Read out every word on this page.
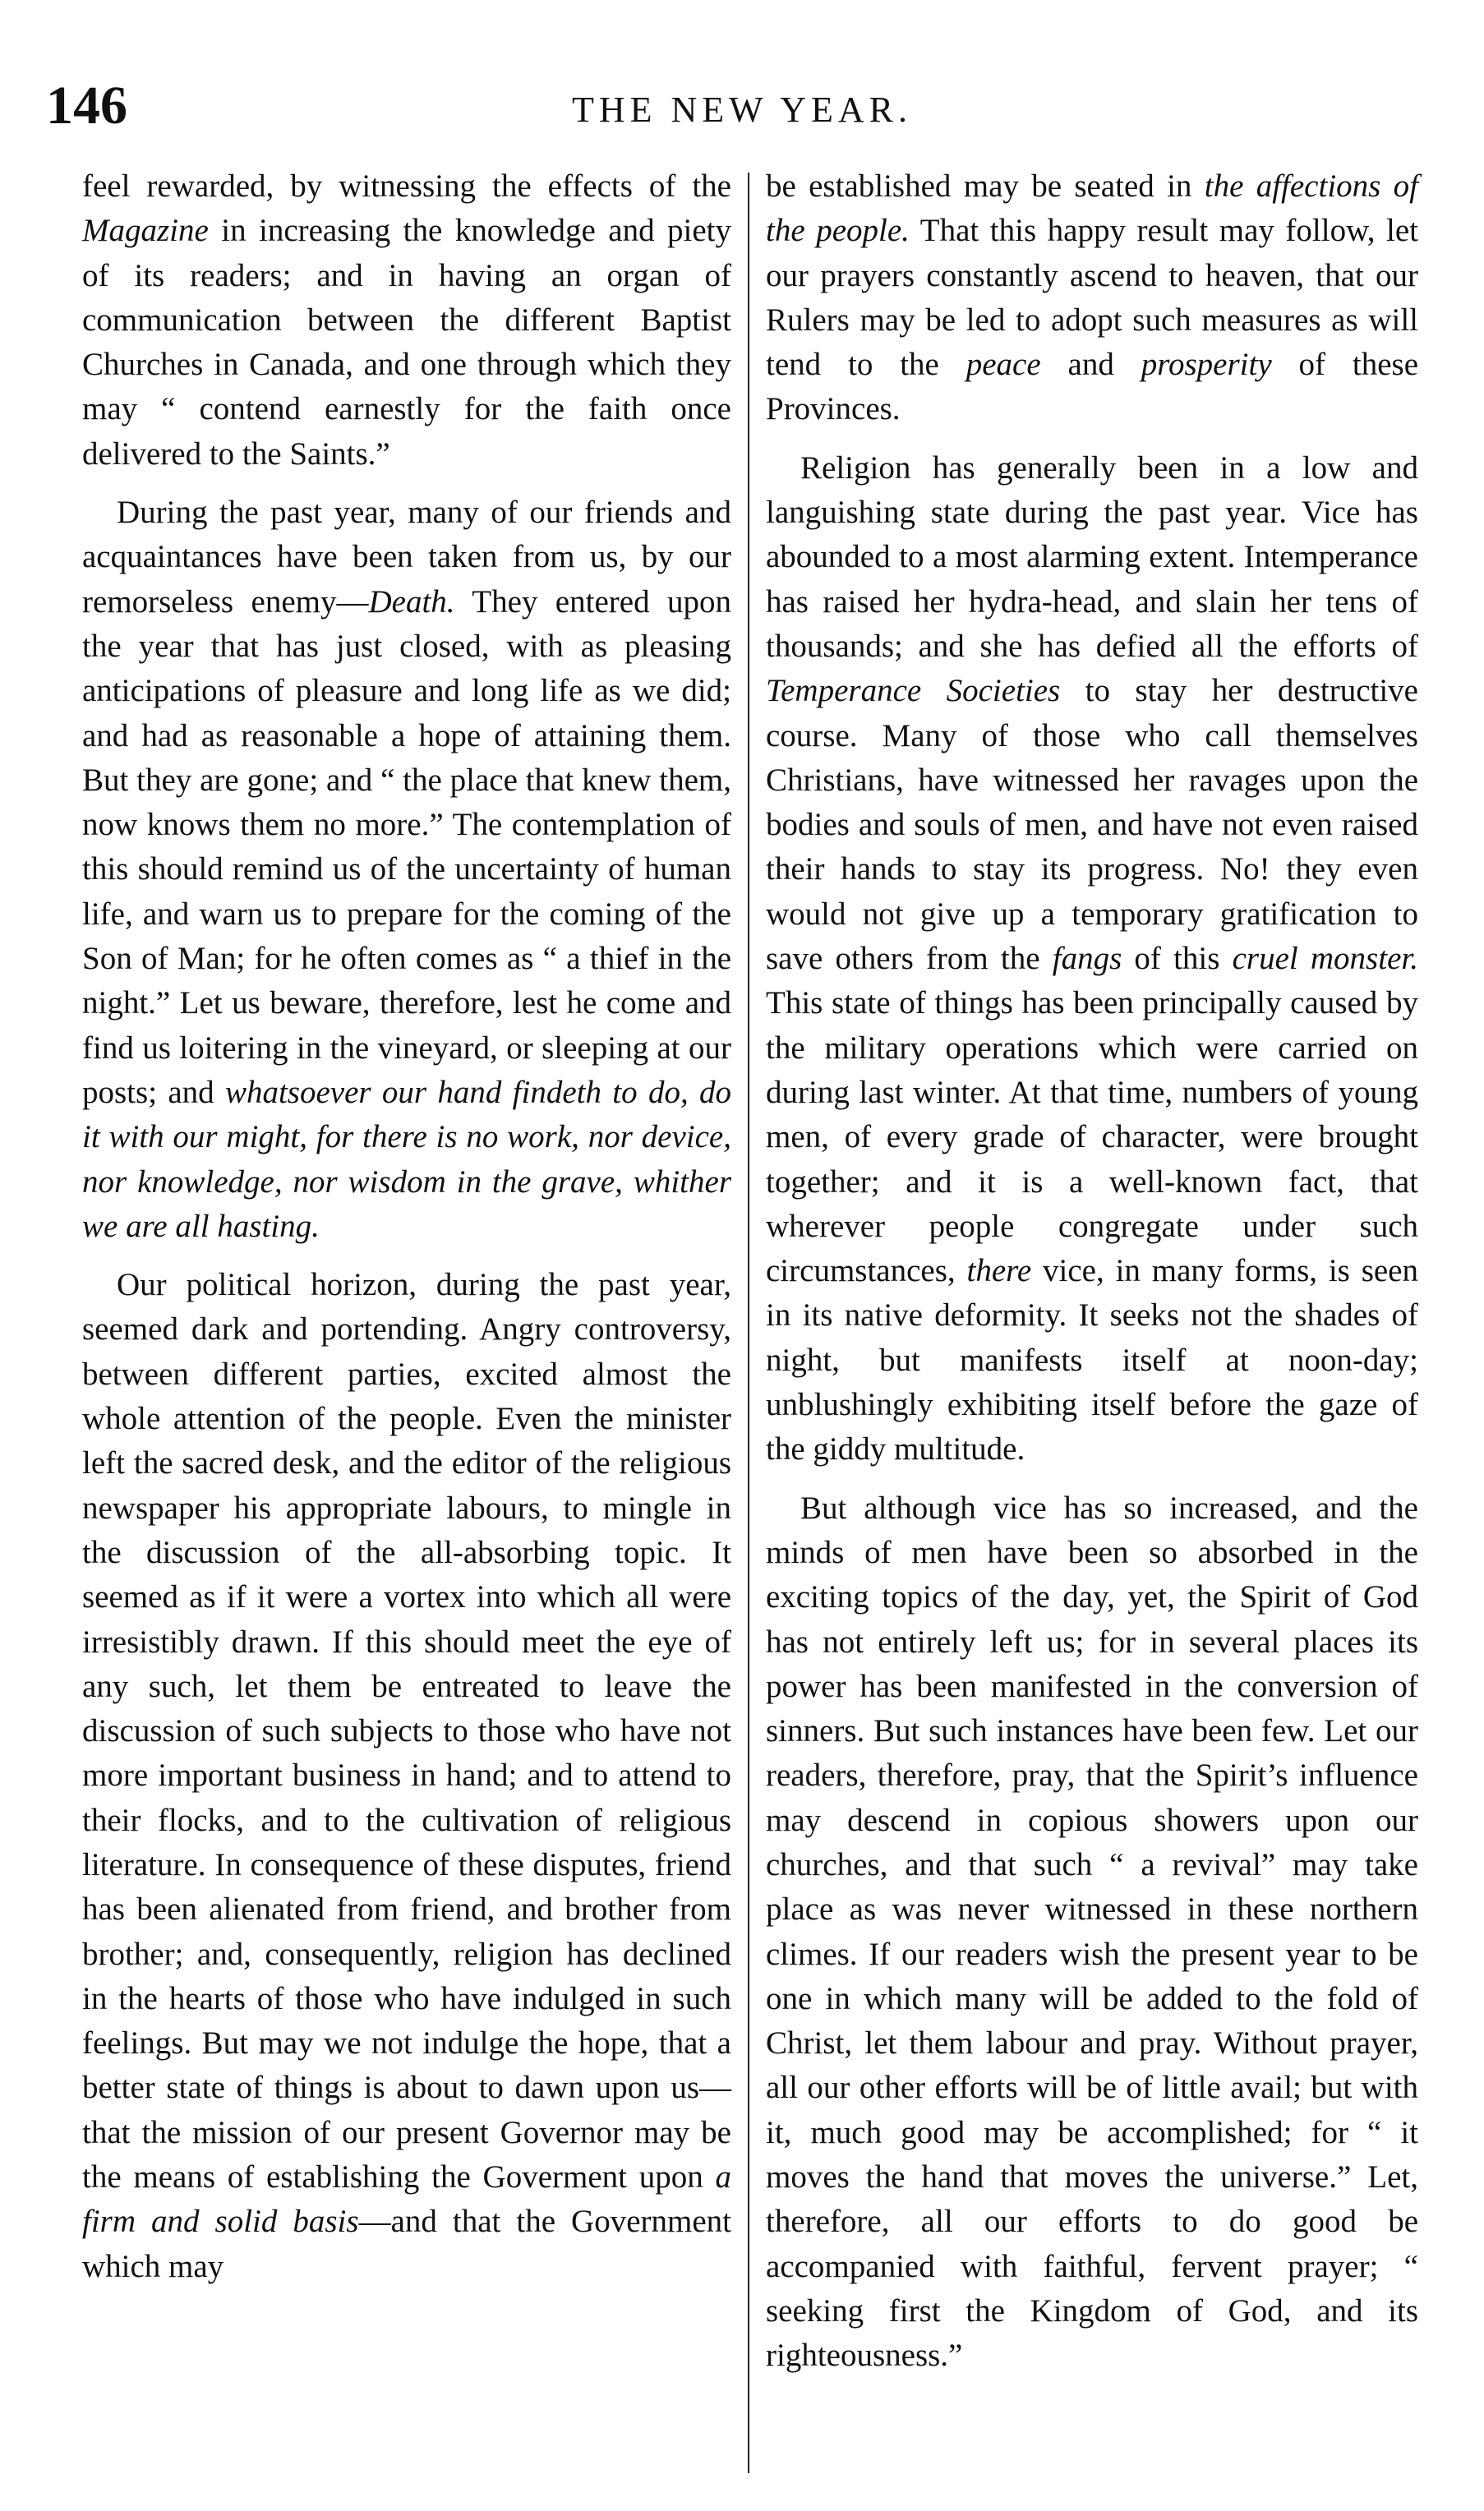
146	THE NEW YEAR.

feel rewarded, by witnessing the effects of the Magazine in increasing the knowledge and piety of its readers; and in having an organ of communication between the different Baptist Churches in Canada, and one through which they may “ contend earnestly for the faith once delivered to the Saints.”

During the past year, many of our friends and acquaintances have been taken from us, by our remorseless enemy—Death. They entered upon the year that has just closed, with as pleasing anticipations of pleasure and long life as we did; and had as reasonable a hope of attaining them. But they are gone; and “ the place that knew them, now knows them no more.” The contemplation of this should remind us of the uncertainty of human life, and warn us to prepare for the coming of the Son of Man; for he often comes as “ a thief in the night.” Let us beware, therefore, lest he come and find us loitering in the vineyard, or sleeping at our posts; and whatsoever our hand findeth to do, do it with our might, for there is no work, nor device, nor knowledge, nor wisdom in the grave, whither we are all hasting.

Our political horizon, during the past year, seemed dark and portending. Angry controversy, between different parties, excited almost the whole attention of the people. Even the minister left the sacred desk, and the editor of the religious newspaper his appropriate labours, to mingle in the discussion of the all-absorbing topic. It seemed as if it were a vortex into which all were irresistibly drawn. If this should meet the eye of any such, let them be entreated to leave the discussion of such subjects to those who have not more important business in hand; and to attend to their flocks, and to the cultivation of religious literature. In consequence of these disputes, friend has been alienated from friend, and brother from brother; and, consequently, religion has declined in the hearts of those who have indulged in such feelings. But may we not indulge the hope, that a better state of things is about to dawn upon us—that the mission of our present Governor may be the means of establishing the Goverment upon a firm and solid basis—and that the Government which may

be established may be seated in the affections of the people. That this happy result may follow, let our prayers constantly ascend to heaven, that our Rulers may be led to adopt such measures as will tend to the peace and prosperity of these Provinces.

Religion has generally been in a low and languishing state during the past year. Vice has abounded to a most alarming extent. Intemperance has raised her hydra-head, and slain her tens of thousands; and she has defied all the efforts of Temperance Societies to stay her destructive course. Many of those who call themselves Christians, have witnessed her ravages upon the bodies and souls of men, and have not even raised their hands to stay its progress. No! they even would not give up a temporary gratification to save others from the fangs of this cruel monster. This state of things has been principally caused by the military operations which were carried on during last winter. At that time, numbers of young men, of every grade of character, were brought together; and it is a well-known fact, that wherever people congregate under such circumstances, there vice, in many forms, is seen in its native deformity. It seeks not the shades of night, but manifests itself at noon-day; unblushingly exhibiting itself before the gaze of the giddy multitude.

But although vice has so increased, and the minds of men have been so absorbed in the exciting topics of the day, yet, the Spirit of God has not entirely left us; for in several places its power has been manifested in the conversion of sinners. But such instances have been few. Let our readers, therefore, pray, that the Spirit’s influence may descend in copious showers upon our churches, and that such “ a revival” may take place as was never witnessed in these northern climes. If our readers wish the present year to be one in which many will be added to the fold of Christ, let them labour and pray. Without prayer, all our other efforts will be of little avail; but with it, much good may be accomplished; for “ it moves the hand that moves the universe.” Let, therefore, all our efforts to do good be accompanied with faithful, fervent prayer; “ seeking first the Kingdom of God, and its righteousness.”
